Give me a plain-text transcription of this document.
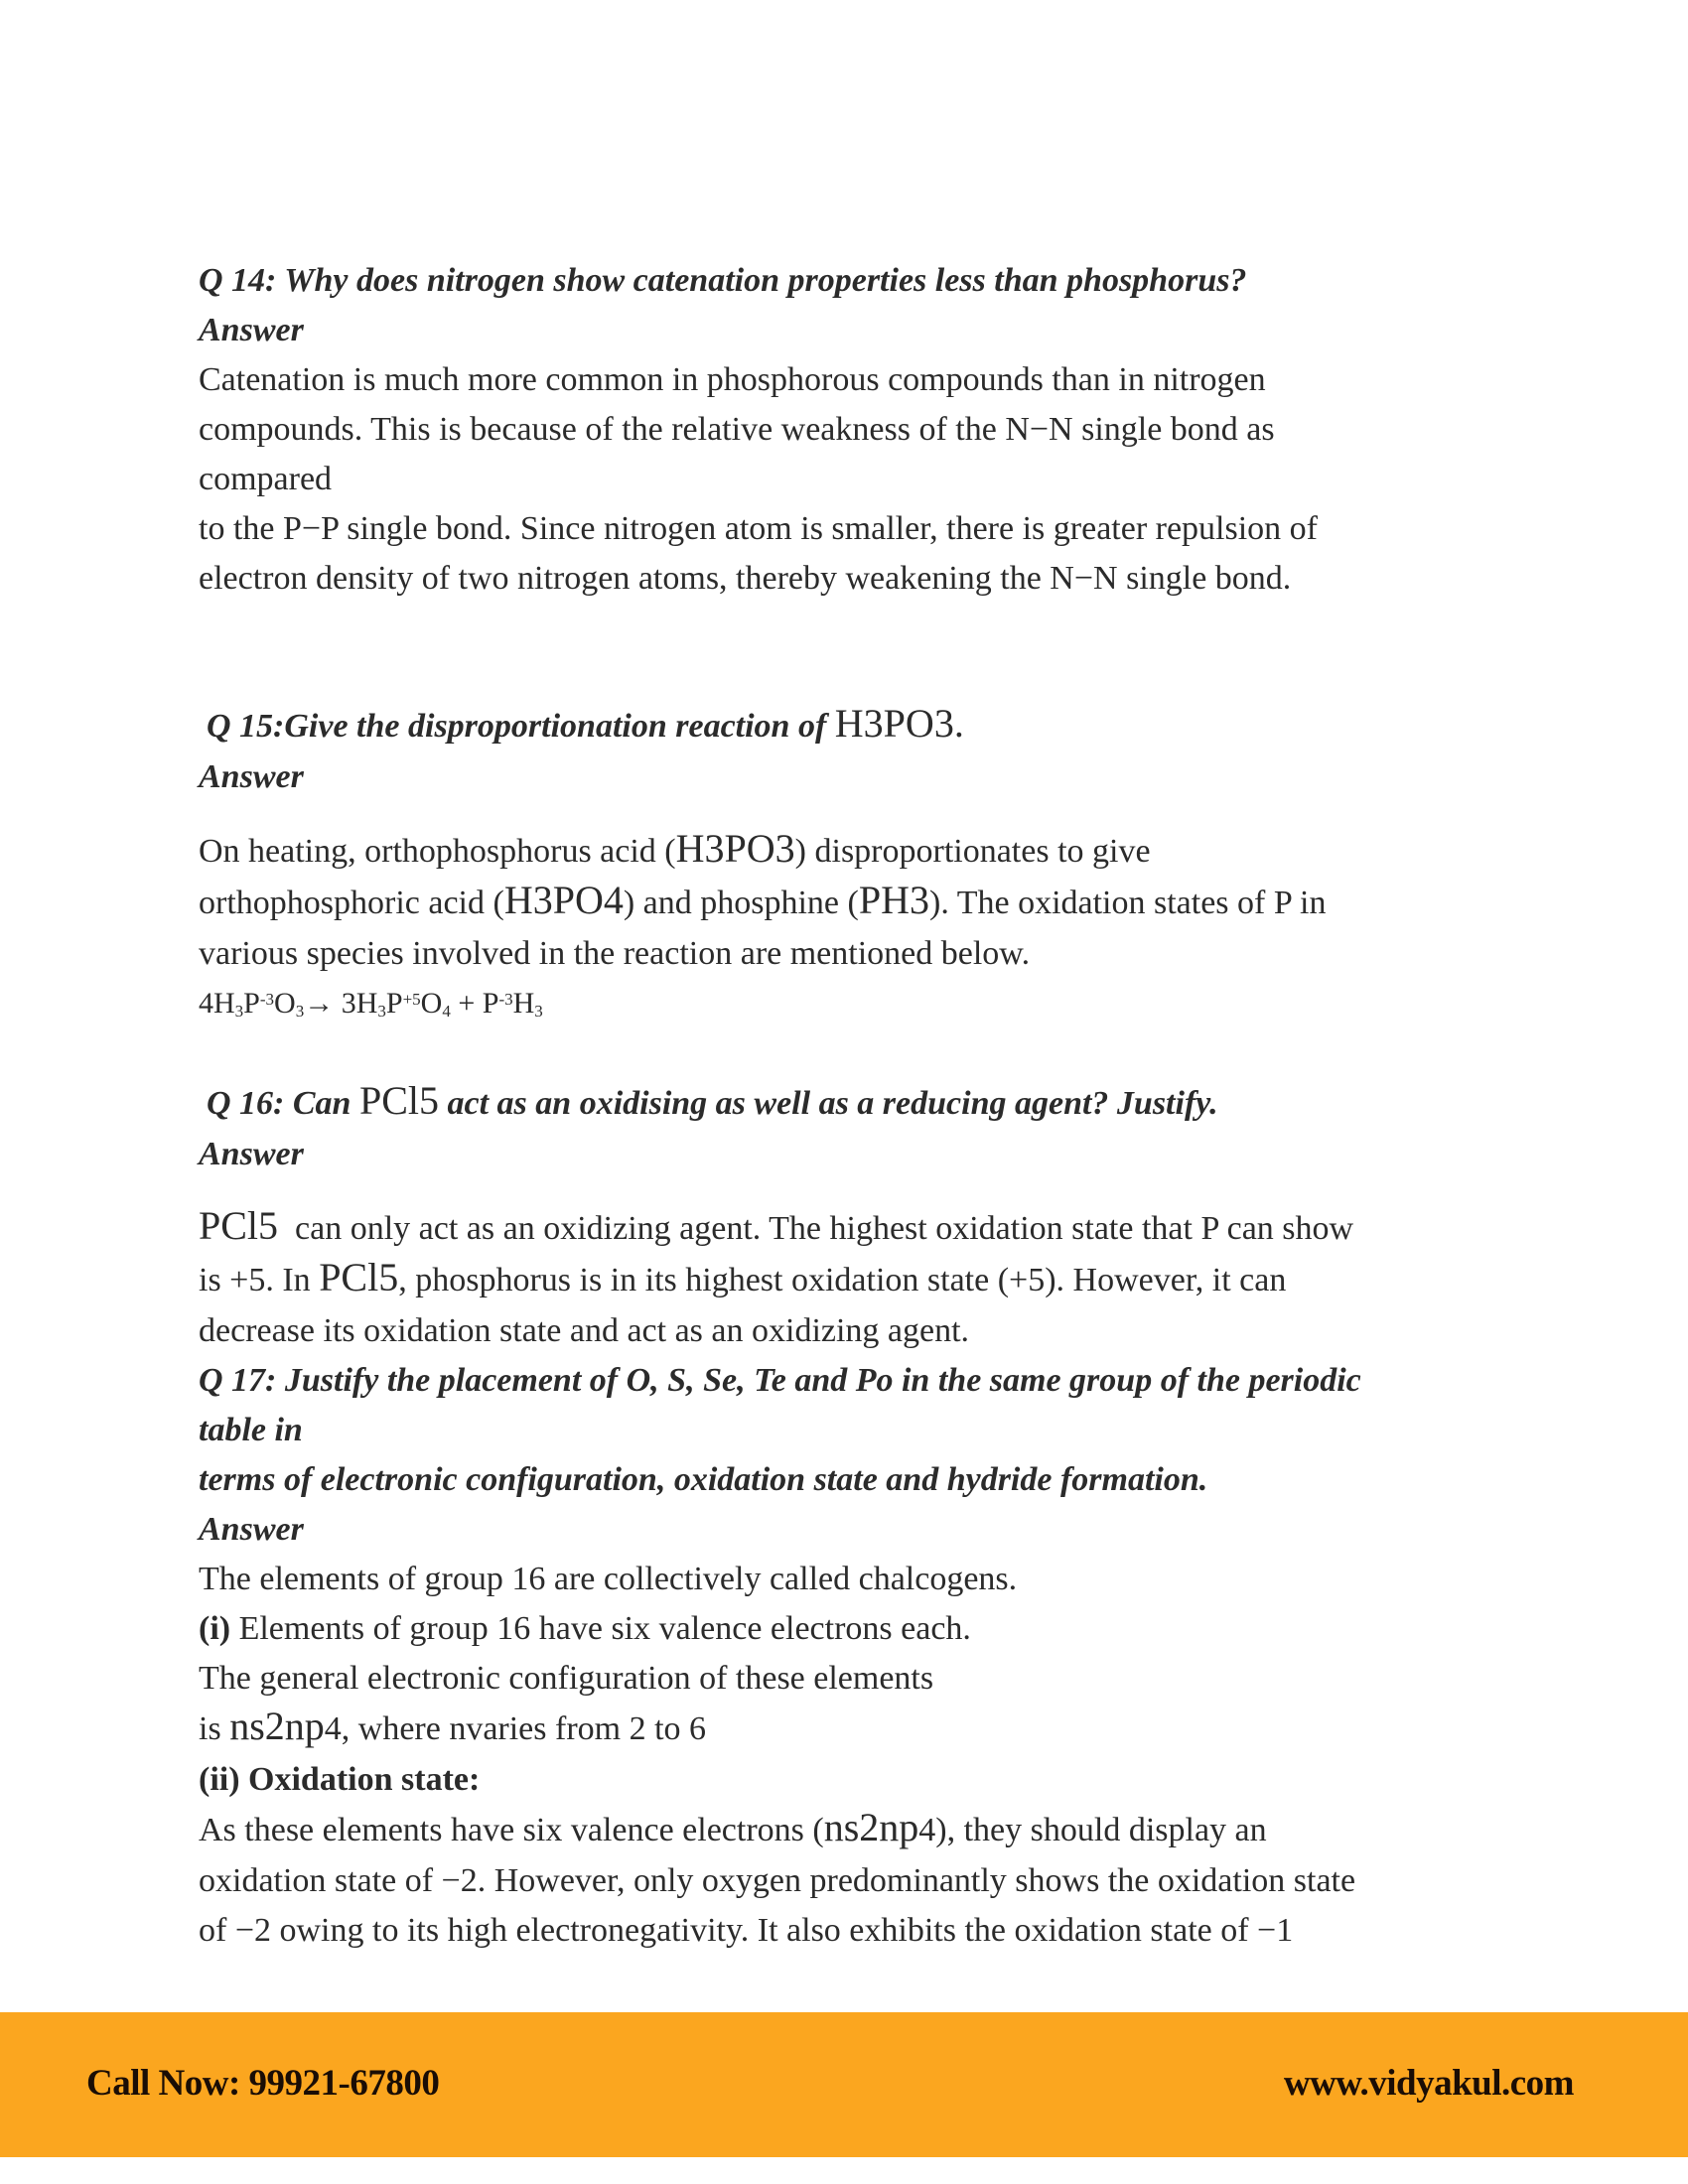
Q 14: Why does nitrogen show catenation properties less than phosphorus?
Answer
Catenation is much more common in phosphorous compounds than in nitrogen
compounds. This is because of the relative weakness of the N−N single bond as
compared
to the P−P single bond. Since nitrogen atom is smaller, there is greater repulsion of
electron density of two nitrogen atoms, thereby weakening the N−N single bond.
Q 15:Give the disproportionation reaction of H3PO3.
Answer
On heating, orthophosphorus acid (H3PO3) disproportionates to give
orthophosphoric acid (H3PO4) and phosphine (PH3). The oxidation states of P in
various species involved in the reaction are mentioned below.
$4H_3P^{-3}O_3\to 3H_3P^{+5}O_4 + P^{-3}H_3$
Q 16: Can PCl5 act as an oxidising as well as a reducing agent? Justify.
Answer
PCl5  can only act as an oxidizing agent. The highest oxidation state that P can show
is +5. In PCl5, phosphorus is in its highest oxidation state (+5). However, it can
decrease its oxidation state and act as an oxidizing agent.
Q 17: Justify the placement of O, S, Se, Te and Po in the same group of the periodic
table in
terms of electronic configuration, oxidation state and hydride formation.
Answer
The elements of group 16 are collectively called chalcogens.
(i) Elements of group 16 have six valence electrons each.
The general electronic configuration of these elements
is ns2np4, where nvaries from 2 to 6
(ii) Oxidation state:
As these elements have six valence electrons (ns2np4), they should display an
oxidation state of −2. However, only oxygen predominantly shows the oxidation state
of −2 owing to its high electronegativity. It also exhibits the oxidation state of −1
Call Now: 99921-67800	www.vidyakul.com
